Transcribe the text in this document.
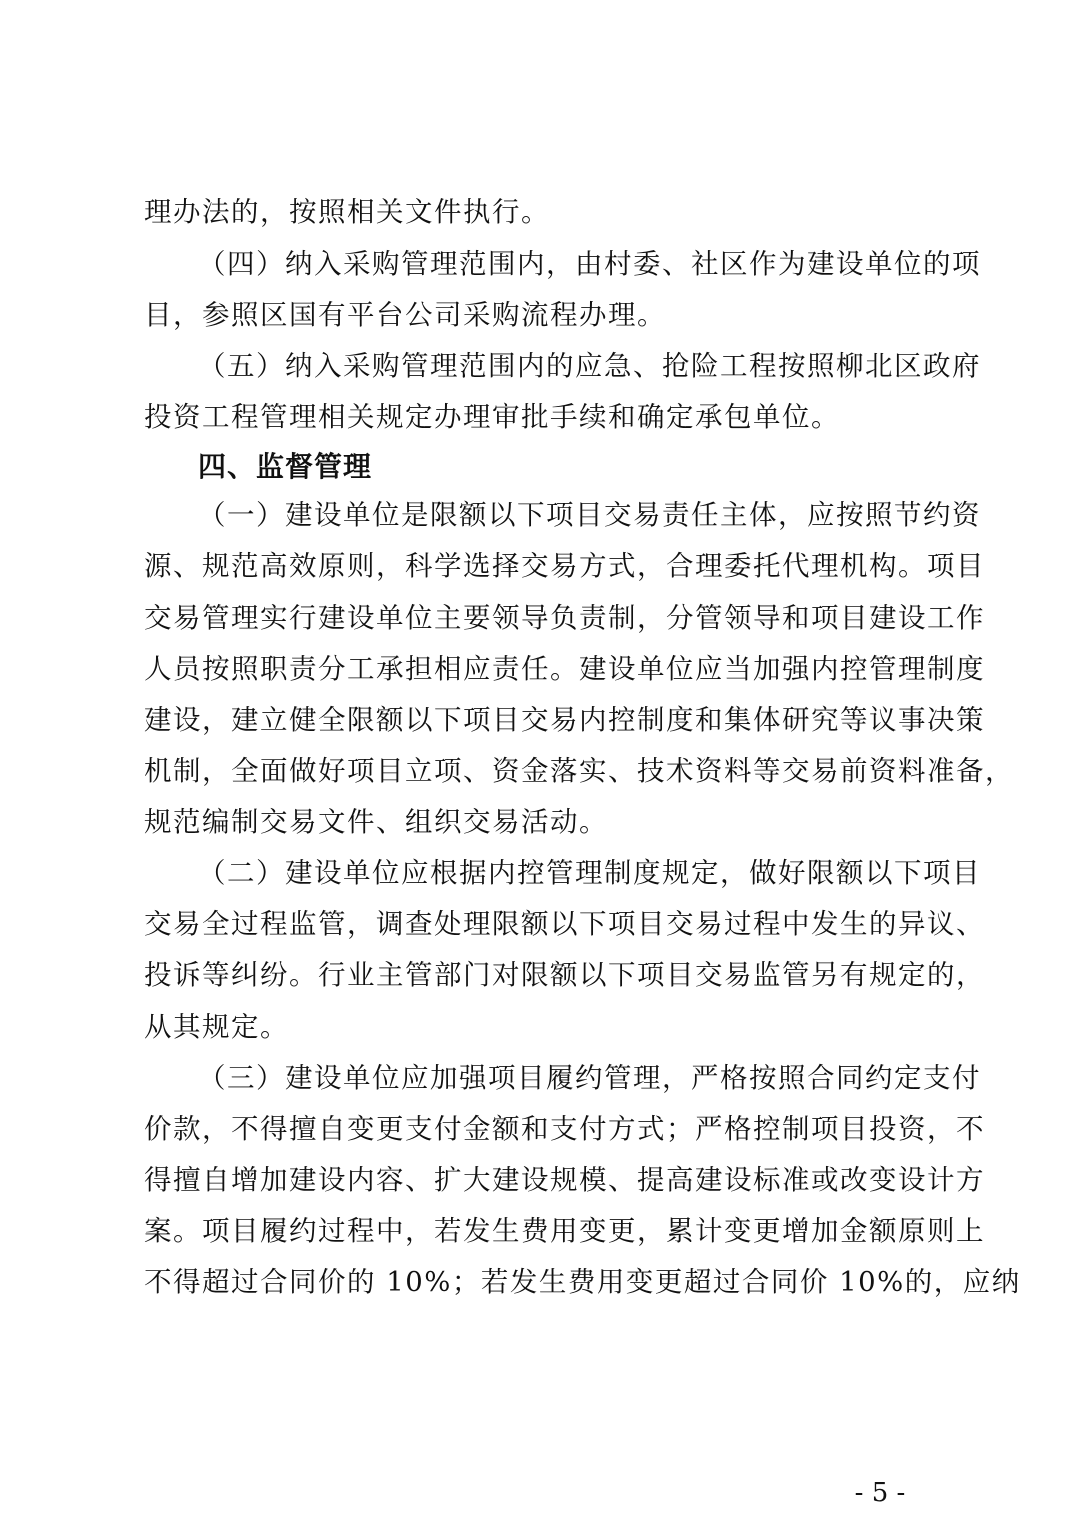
理办法的，按照相关文件执行。
（四）纳入采购管理范围内，由村委、社区作为建设单位的项
目，参照区国有平台公司采购流程办理。
（五）纳入采购管理范围内的应急、抢险工程按照柳北区政府
投资工程管理相关规定办理审批手续和确定承包单位。
四、监督管理
（一）建设单位是限额以下项目交易责任主体，应按照节约资
源、规范高效原则，科学选择交易方式，合理委托代理机构。项目
交易管理实行建设单位主要领导负责制，分管领导和项目建设工作
人员按照职责分工承担相应责任。建设单位应当加强内控管理制度
建设，建立健全限额以下项目交易内控制度和集体研究等议事决策
机制，全面做好项目立项、资金落实、技术资料等交易前资料准备，
规范编制交易文件、组织交易活动。
（二）建设单位应根据内控管理制度规定，做好限额以下项目
交易全过程监管，调查处理限额以下项目交易过程中发生的异议、
投诉等纠纷。行业主管部门对限额以下项目交易监管另有规定的，
从其规定。
（三）建设单位应加强项目履约管理，严格按照合同约定支付
价款，不得擅自变更支付金额和支付方式；严格控制项目投资，不
得擅自增加建设内容、扩大建设规模、提高建设标准或改变设计方
案。项目履约过程中，若发生费用变更，累计变更增加金额原则上
不得超过合同价的 10%；若发生费用变更超过合同价 10%的，应纳
- 5 -
